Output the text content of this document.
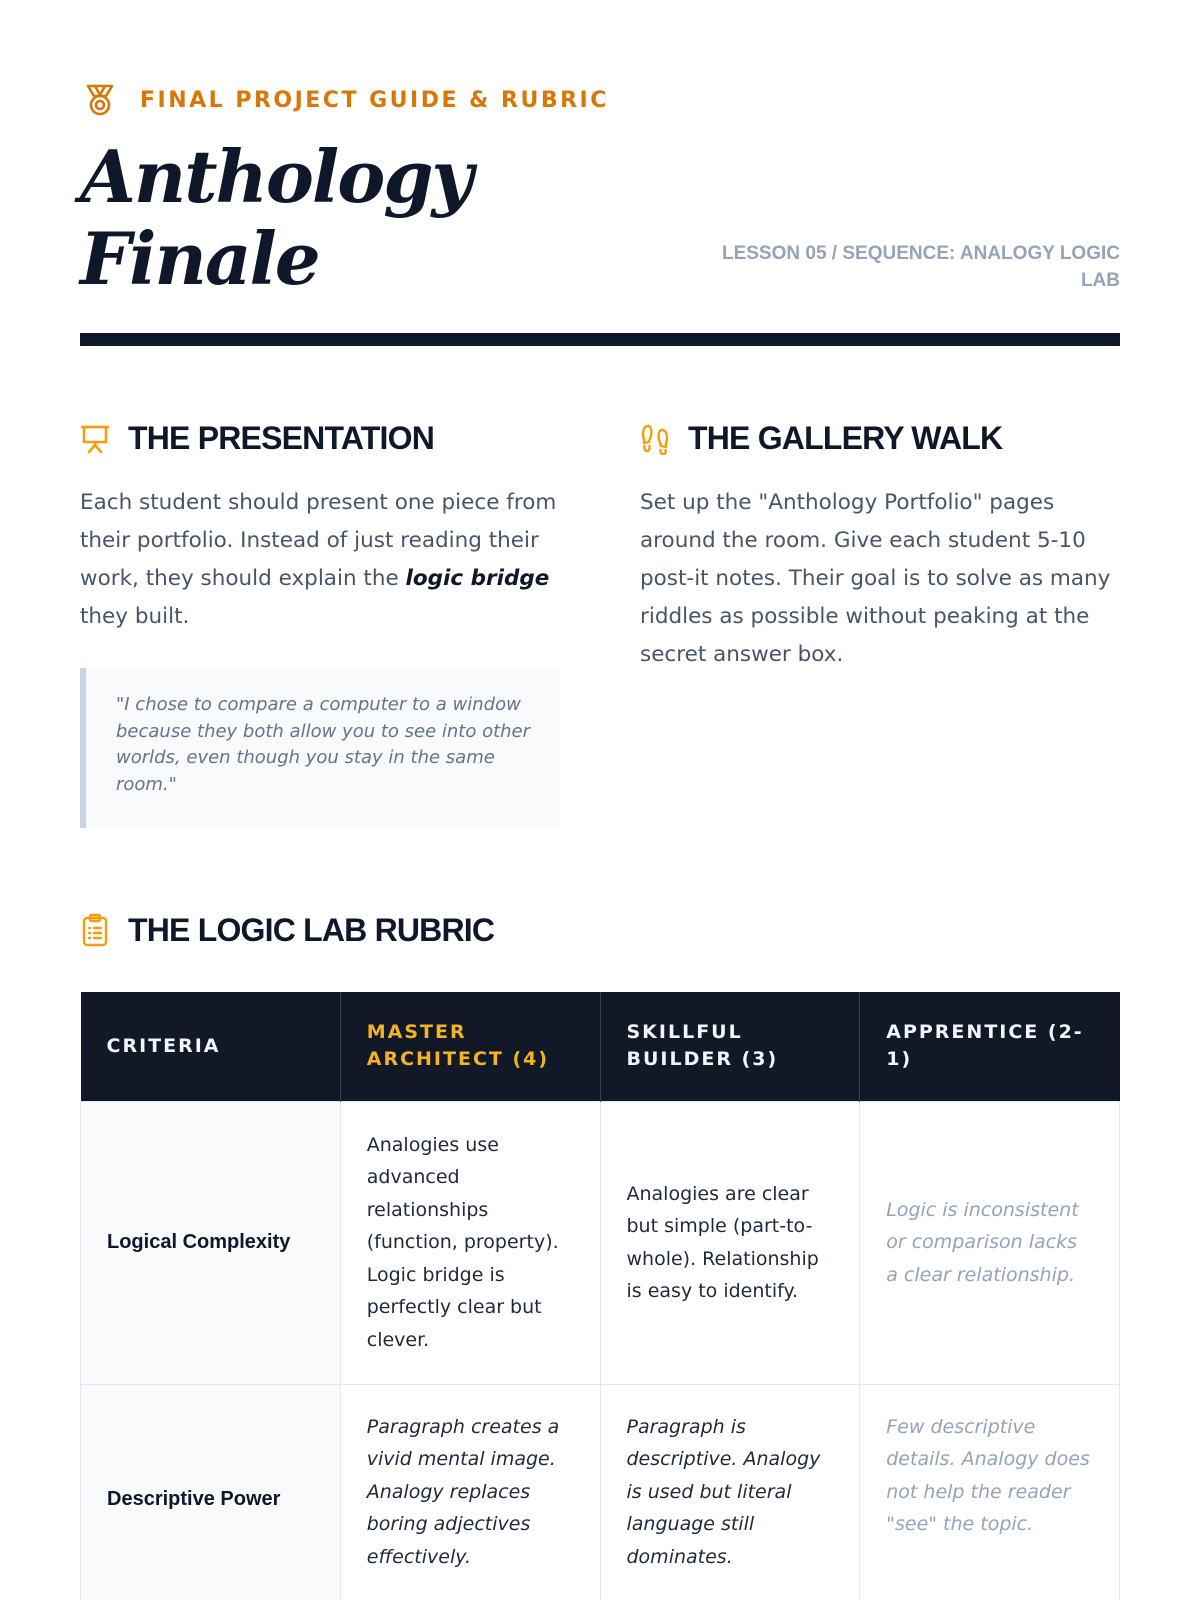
FINAL PROJECT GUIDE & RUBRIC
Anthology
Finale	LESSON 05 / SEQUENCE: ANALOGY LOGIC LAB
THE PRESENTATION

Each student should present one piece from their portfolio. Instead of just reading their work, they should explain the logic bridge they built.

"I chose to compare a computer to a window because they both allow you to see into other worlds, even though you stay in the same room."
THE GALLERY WALK

Set up the "Anthology Portfolio" pages around the room. Give each student 5-10 post-it notes. Their goal is to solve as many riddles as possible without peaking at the secret answer box.

THE LOGIC LAB RUBRIC
CRITERIA	MASTER ARCHITECT (4)	SKILLFUL BUILDER (3)	APPRENTICE (2-1)
Logical Complexity	Analogies use advanced relationships (function, property). Logic bridge is perfectly clear but clever.	Analogies are clear but simple (part-to-whole). Relationship is easy to identify.	Logic is inconsistent or comparison lacks a clear relationship.
Descriptive Power	Paragraph creates a vivid mental image. Analogy replaces boring adjectives effectively.	Paragraph is descriptive. Analogy is used but literal language still dominates.	Few descriptive details. Analogy does not help the reader "see" the topic.
